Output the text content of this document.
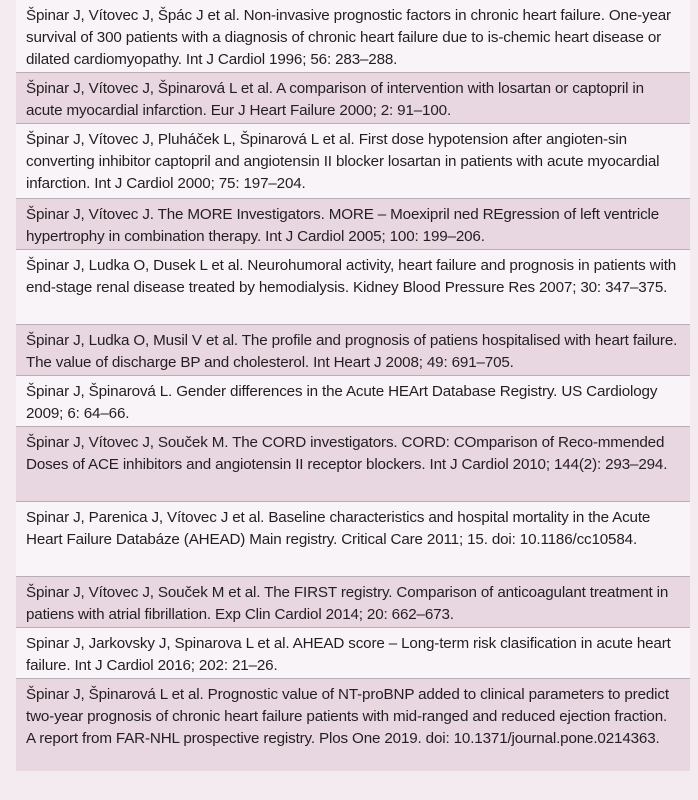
Špinar J, Vítovec J, Špác J et al. Non-invasive prognostic factors in chronic heart failure. One-year survival of 300 patients with a diagnosis of chronic heart failure due to is-chemic heart disease or dilated cardiomyopathy. Int J Cardiol 1996; 56: 283–288.
Špinar J, Vítovec J, Špinarová L et al. A comparison of intervention with losartan or captopril in acute myocardial infarction. Eur J Heart Failure 2000; 2: 91–100.
Špinar J, Vítovec J, Pluháček L, Špinarová L et al. First dose hypotension after angioten-sin converting inhibitor captopril and angiotensin II blocker losartan in patients with acute myocardial infarction. Int J Cardiol 2000; 75: 197–204.
Špinar J, Vítovec J. The MORE Investigators. MORE – Moexipril ned REgression of left ventricle hypertrophy in combination therapy. Int J Cardiol 2005; 100: 199–206.
Špinar J, Ludka O, Dusek L et al. Neurohumoral activity, heart failure and prognosis in patients with end-stage renal disease treated by hemodialysis. Kidney Blood Pressure Res 2007; 30: 347–375.
Špinar J, Ludka O, Musil V et al. The profile and prognosis of patiens hospitalised with heart failure. The value of discharge BP and cholesterol. Int Heart J 2008; 49: 691–705.
Špinar J, Špinarová L. Gender differences in the Acute HEArt Database Registry. US Cardiology 2009; 6: 64–66.
Špinar J, Vítovec J, Souček M. The CORD investigators. CORD: COmparison of Reco-mmended Doses of ACE inhibitors and angiotensin II receptor blockers. Int J Cardiol 2010; 144(2): 293–294.
Spinar J, Parenica J, Vítovec J et al. Baseline characteristics and hospital mortality in the Acute Heart Failure Databáze (AHEAD) Main registry. Critical Care 2011; 15. doi: 10.1186/cc10584.
Špinar J, Vítovec J, Souček M et al. The FIRST registry. Comparison of anticoagulant treatment in patiens with atrial fibrillation. Exp Clin Cardiol 2014; 20: 662–673.
Spinar J, Jarkovsky J, Spinarova L et al. AHEAD score – Long-term risk clasification in acute heart failure. Int J Cardiol 2016; 202: 21–26.
Špinar J, Špinarová L et al. Prognostic value of NT-proBNP added to clinical parameters to predict two-year prognosis of chronic heart failure patients with mid-ranged and reduced ejection fraction. A report from FAR-NHL prospective registry. Plos One 2019. doi: 10.1371/journal.pone.0214363.
